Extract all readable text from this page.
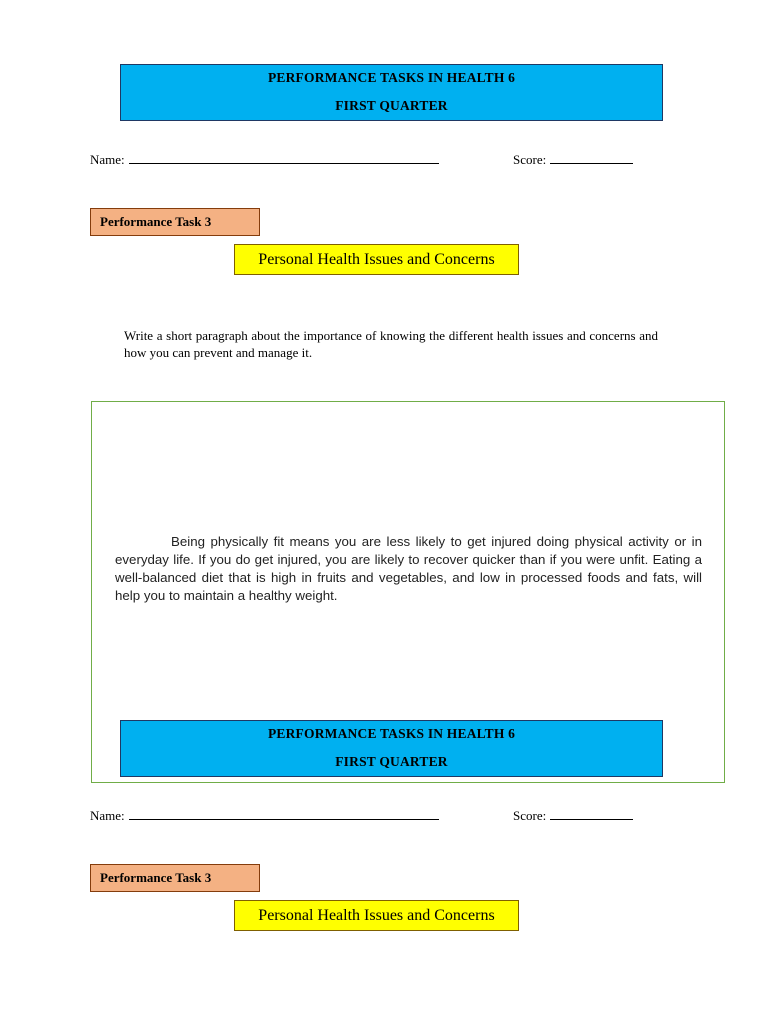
PERFORMANCE TASKS IN HEALTH 6
FIRST QUARTER
Name:	Score:
Performance Task 3
Personal Health Issues and Concerns
Write a short paragraph about the importance of knowing the different health issues and concerns and how you can prevent and manage it.
Being physically fit means you are less likely to get injured doing physical activity or in everyday life. If you do get injured, you are likely to recover quicker than if you were unfit. Eating a well-balanced diet that is high in fruits and vegetables, and low in processed foods and fats, will help you to maintain a healthy weight.
PERFORMANCE TASKS IN HEALTH 6
FIRST QUARTER
Name:	Score:
Performance Task 3
Personal Health Issues and Concerns
